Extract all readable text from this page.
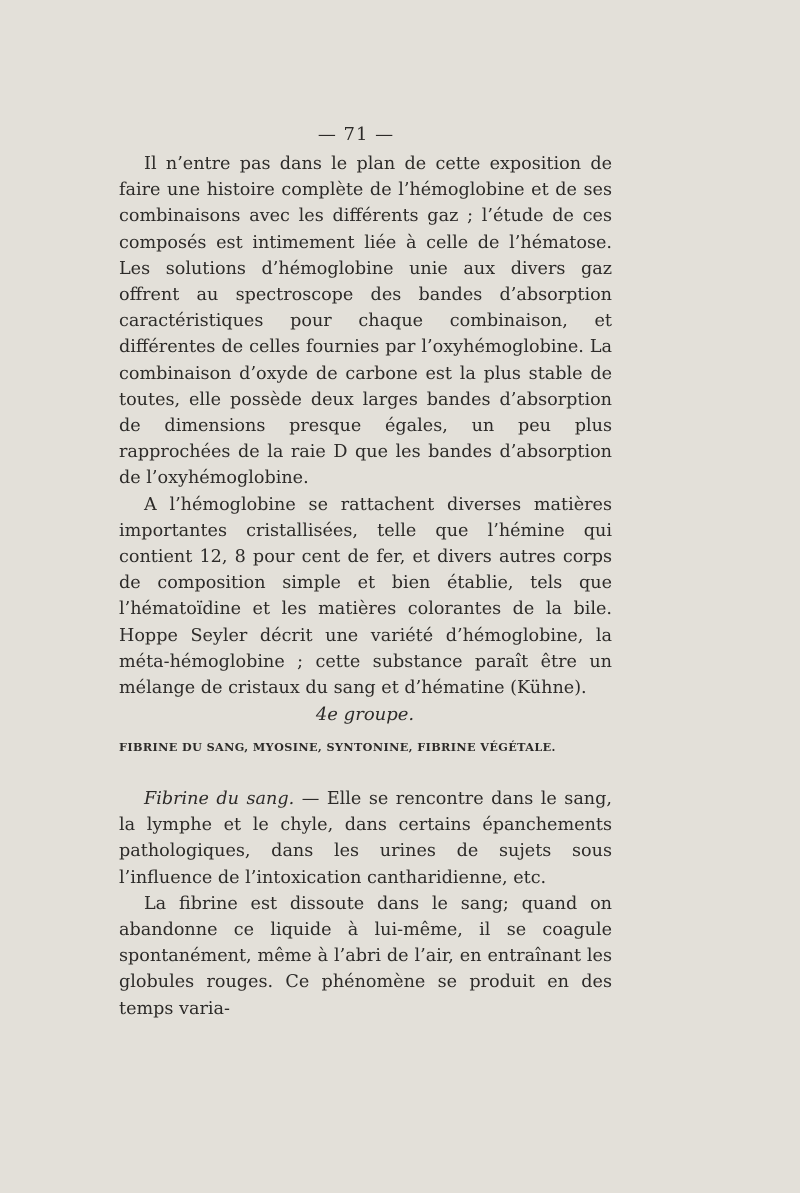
— 71 —

Il n’entre pas dans le plan de cette exposition de faire une histoire complète de l’hémoglobine et de ses combinaisons avec les différents gaz ; l’étude de ces composés est intimement liée à celle de l’hématose. Les solutions d’hémoglobine unie aux divers gaz offrent au spectroscope des bandes d’absorption caractéristiques pour chaque combinaison, et différentes de celles fournies par l’oxyhémoglobine. La combinaison d’oxyde de carbone est la plus stable de toutes, elle possède deux larges bandes d’absorption de dimensions presque égales, un peu plus rapprochées de la raie D que les bandes d’absorption de l’oxyhémoglobine.

A l’hémoglobine se rattachent diverses matières importantes cristallisées, telle que l’hémine qui contient 12, 8 pour cent de fer, et divers autres corps de composition simple et bien établie, tels que l’hématoïdine et les matières colorantes de la bile. Hoppe Seyler décrit une variété d’hémoglobine, la méta-hémoglobine ; cette substance paraît être un mélange de cristaux du sang et d’hématine (Kühne).

4e groupe.
FIBRINE DU SANG, MYOSINE, SYNTONINE, FIBRINE VÉGÉTALE.

Fibrine du sang. — Elle se rencontre dans le sang, la lymphe et le chyle, dans certains épanchements pathologiques, dans les urines de sujets sous l’influence de l’intoxication cantharidienne, etc.

La fibrine est dissoute dans le sang; quand on abandonne ce liquide à lui-même, il se coagule spontanément, même à l’abri de l’air, en entraînant les globules rouges. Ce phénomène se produit en des temps varia-
